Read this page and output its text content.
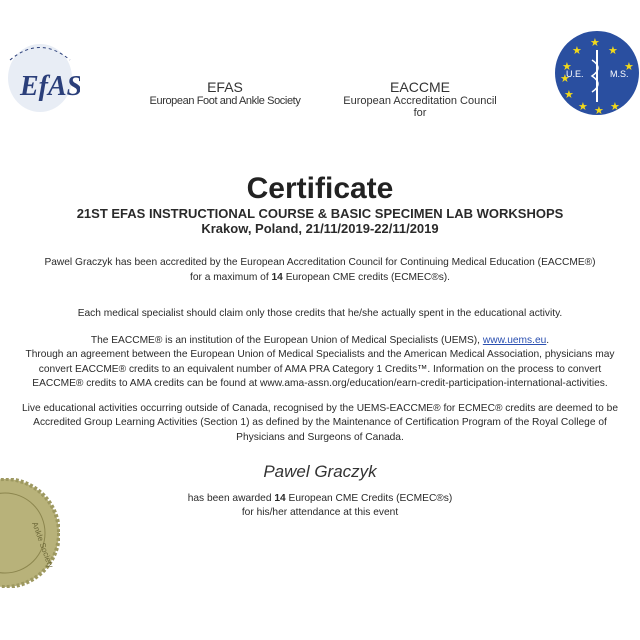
EfAS	EFAS
European Foot and Ankle Society
EACCME
European Accreditation Council for
★
★ ★
★
★
★
★ ★ ★
★
U.E.	M.S.
Certificate
21ST EFAS INSTRUCTIONAL COURSE & BASIC SPECIMEN LAB WORKSHOPS
Krakow, Poland, 21/11/2019-22/11/2019
Pawel Graczyk has been accredited by the European Accreditation Council for Continuing Medical Education (EACCME®)
for a maximum of 14 European CME credits (ECMEC®s).
Each medical specialist should claim only those credits that he/she actually spent in the educational activity.
The EACCME® is an institution of the European Union of Medical Specialists (UEMS), www.uems.eu.
Through an agreement between the European Union of Medical Specialists and the American Medical Association, physicians may
convert EACCME® credits to an equivalent number of AMA PRA Category 1 Credits™. Information on the process to convert
EACCME® credits to AMA credits can be found at www.ama-assn.org/education/earn-credit-participation-international-activities.
Live educational activities occurring outside of Canada, recognised by the UEMS-EACCME® for ECMEC® credits are deemed to be
Accredited Group Learning Activities (Section 1) as defined by the Maintenance of Certification Program of the Royal College of
Physicians and Surgeons of Canada.
Pawel Graczyk
has been awarded 14 European CME Credits (ECMEC®s)
for his/her attendance at this event
Ankle Society
